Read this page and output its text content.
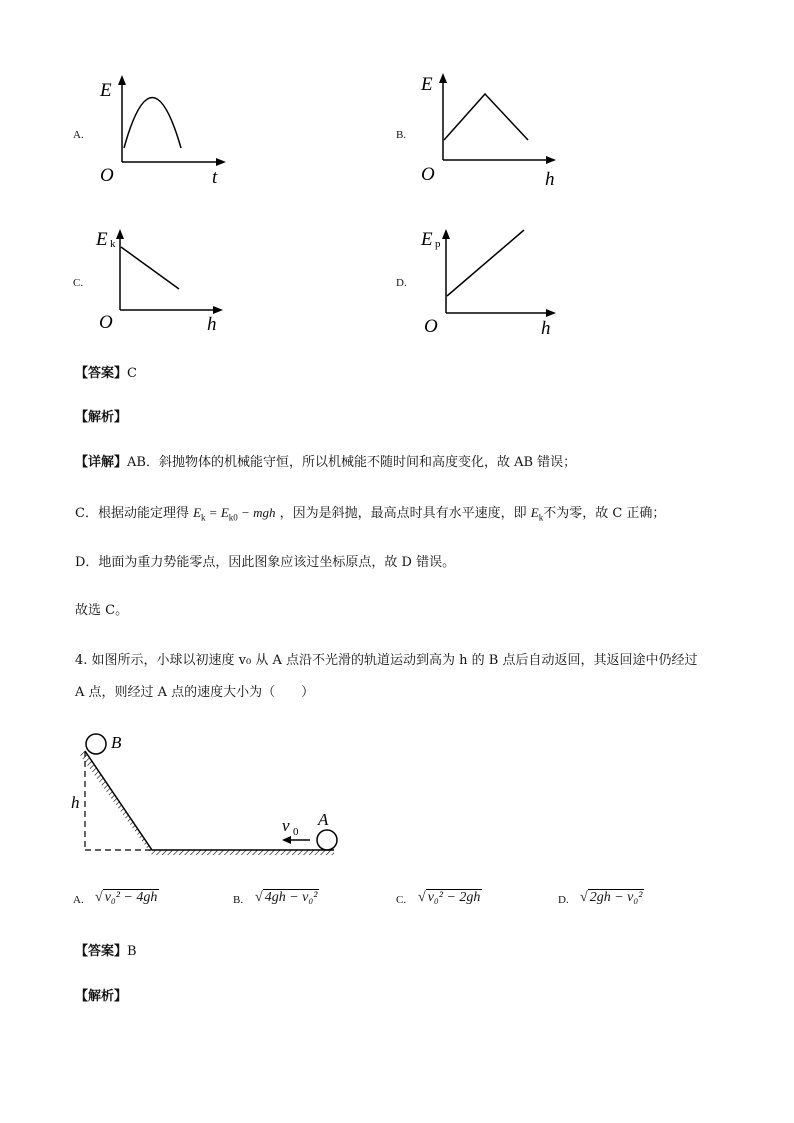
A.
E
O	t
B.
E
O	h
C.
E k
O	h
D.
E p
O	h
【答案】C
【解析】
【详解】AB．斜抛物体的机械能守恒，所以机械能不随时间和高度变化，故 AB 错误；
C．根据动能定理得 $E_k = E_{k0}$ − mgh ，因为是斜抛，最高点时具有水平速度，即 $E_k$不为零，故 C 正确；
D．地面为重力势能零点，因此图象应该过坐标原点，故 D 错误。
故选 C。
4. 如图所示，小球以初速度 v₀ 从 A 点沿不光滑的轨道运动到高为 h 的 B 点后自动返回，其返回途中仍经过
A 点，则经过 A 点的速度大小为（　　）
B
A
h
v 0
A. √ v₀² − 4gh	B. √ 4gh − v₀²	C. √ v₀² − 2gh	D. √ 2gh − v₀²
【答案】B
【解析】
